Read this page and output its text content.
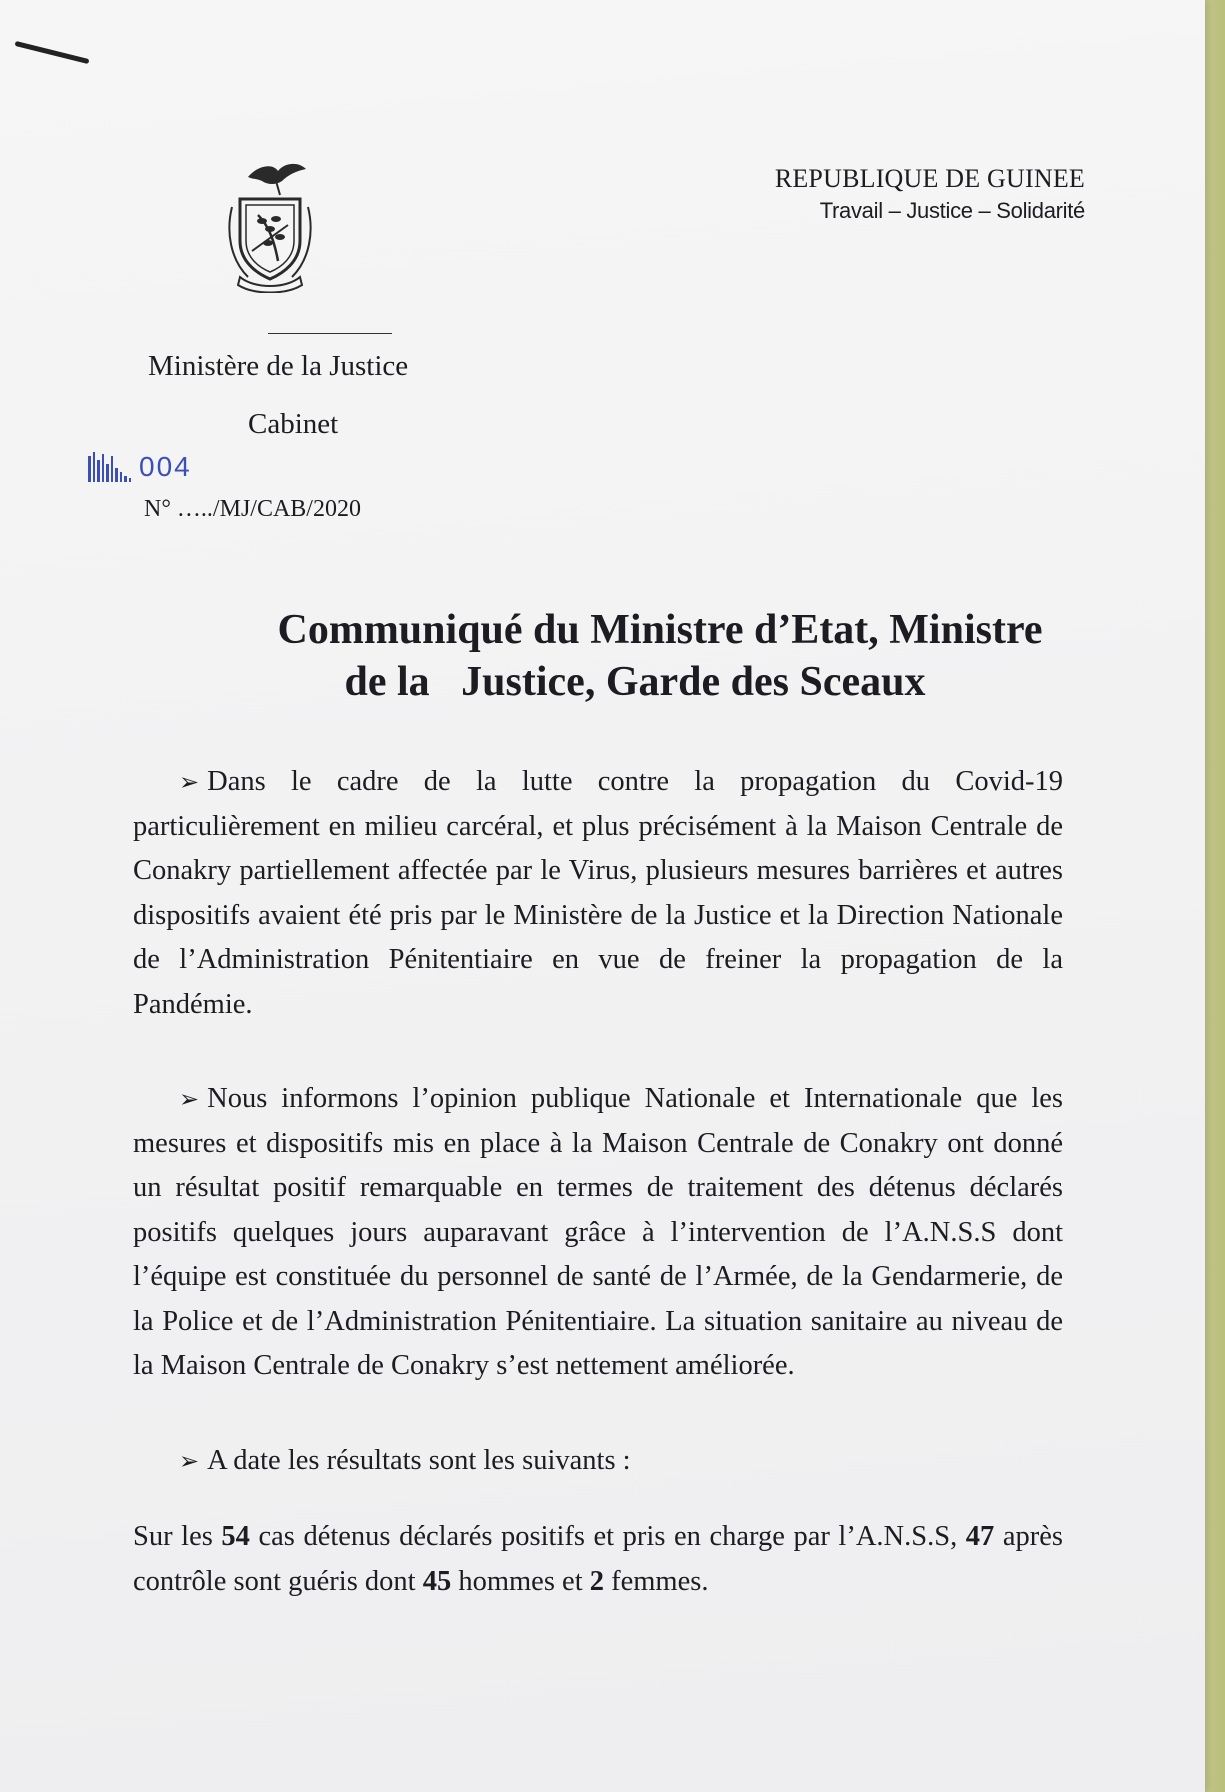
REPUBLIQUE DE GUINEE
Travail – Justice – Solidarité
Ministère de la Justice
Cabinet
004
N° …../MJ/CAB/2020
Communiqué du Ministre d’Etat, Ministre
de la   Justice, Garde des Sceaux

➢ Dans le cadre de la lutte contre la propagation du Covid-19 particulièrement en milieu carcéral, et plus précisément à la Maison Centrale de Conakry partiellement affectée par le Virus, plusieurs mesures barrières et autres dispositifs avaient été pris par le Ministère de la Justice et la Direction Nationale de l’Administration Pénitentiaire en vue de freiner la propagation de la Pandémie.

➢ Nous informons l’opinion publique Nationale et Internationale que les mesures et dispositifs mis en place à la Maison Centrale de Conakry ont donné un résultat positif remarquable en termes de traitement des détenus déclarés positifs quelques jours auparavant grâce à l’intervention de l’A.N.S.S dont l’équipe est constituée du personnel de santé de l’Armée, de la Gendarmerie, de la Police et de l’Administration Pénitentiaire. La situation sanitaire au niveau de la Maison Centrale de Conakry s’est nettement améliorée.

➢ A date les résultats sont les suivants :

Sur les 54 cas détenus déclarés positifs et pris en charge par l’A.N.S.S, 47 après contrôle sont guéris dont 45 hommes et 2 femmes.
